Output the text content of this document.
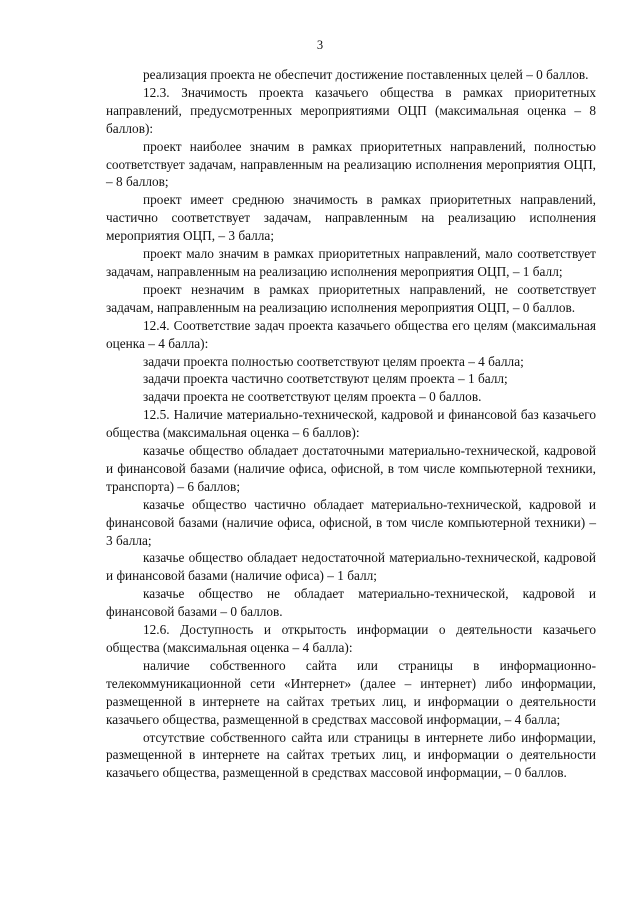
3

реализация проекта не обеспечит достижение поставленных целей – 0 баллов.

12.3. Значимость проекта казачьего общества в рамках приоритетных направлений, предусмотренных мероприятиями ОЦП (максимальная оценка – 8 баллов):

проект наиболее значим в рамках приоритетных направлений, полностью соответствует задачам, направленным на реализацию исполнения мероприятия ОЦП, – 8 баллов;

проект имеет среднюю значимость в рамках приоритетных направлений, частично соответствует задачам, направленным на реализацию исполнения мероприятия ОЦП, – 3 балла;

проект мало значим в рамках приоритетных направлений, мало соответствует задачам, направленным на реализацию исполнения мероприятия ОЦП, – 1 балл;

проект незначим в рамках приоритетных направлений, не соответствует задачам, направленным на реализацию исполнения мероприятия ОЦП, – 0 баллов.

12.4. Соответствие задач проекта казачьего общества его целям (максимальная оценка – 4 балла):

задачи проекта полностью соответствуют целям проекта – 4 балла;

задачи проекта частично соответствуют целям проекта – 1 балл;

задачи проекта не соответствуют целям проекта – 0 баллов.

12.5. Наличие материально-технической, кадровой и финансовой баз казачьего общества (максимальная оценка – 6 баллов):

казачье общество обладает достаточными материально-технической, кадровой и финансовой базами (наличие офиса, офисной, в том числе компьютерной техники, транспорта) – 6 баллов;

казачье общество частично обладает материально-технической, кадровой и финансовой базами (наличие офиса, офисной, в том числе компьютерной техники) – 3 балла;

казачье общество обладает недостаточной материально-технической, кадровой и финансовой базами (наличие офиса) – 1 балл;

казачье общество не обладает материально-технической, кадровой и финансовой базами – 0 баллов.

12.6. Доступность и открытость информации о деятельности казачьего общества (максимальная оценка – 4 балла):

наличие собственного сайта или страницы в информационно-телекоммуникационной сети «Интернет» (далее – интернет) либо информации, размещенной в интернете на сайтах третьих лиц, и информации о деятельности казачьего общества, размещенной в средствах массовой информации, – 4 балла;

отсутствие собственного сайта или страницы в интернете либо информации, размещенной в интернете на сайтах третьих лиц, и информации о деятельности казачьего общества, размещенной в средствах массовой информации, – 0 баллов.
